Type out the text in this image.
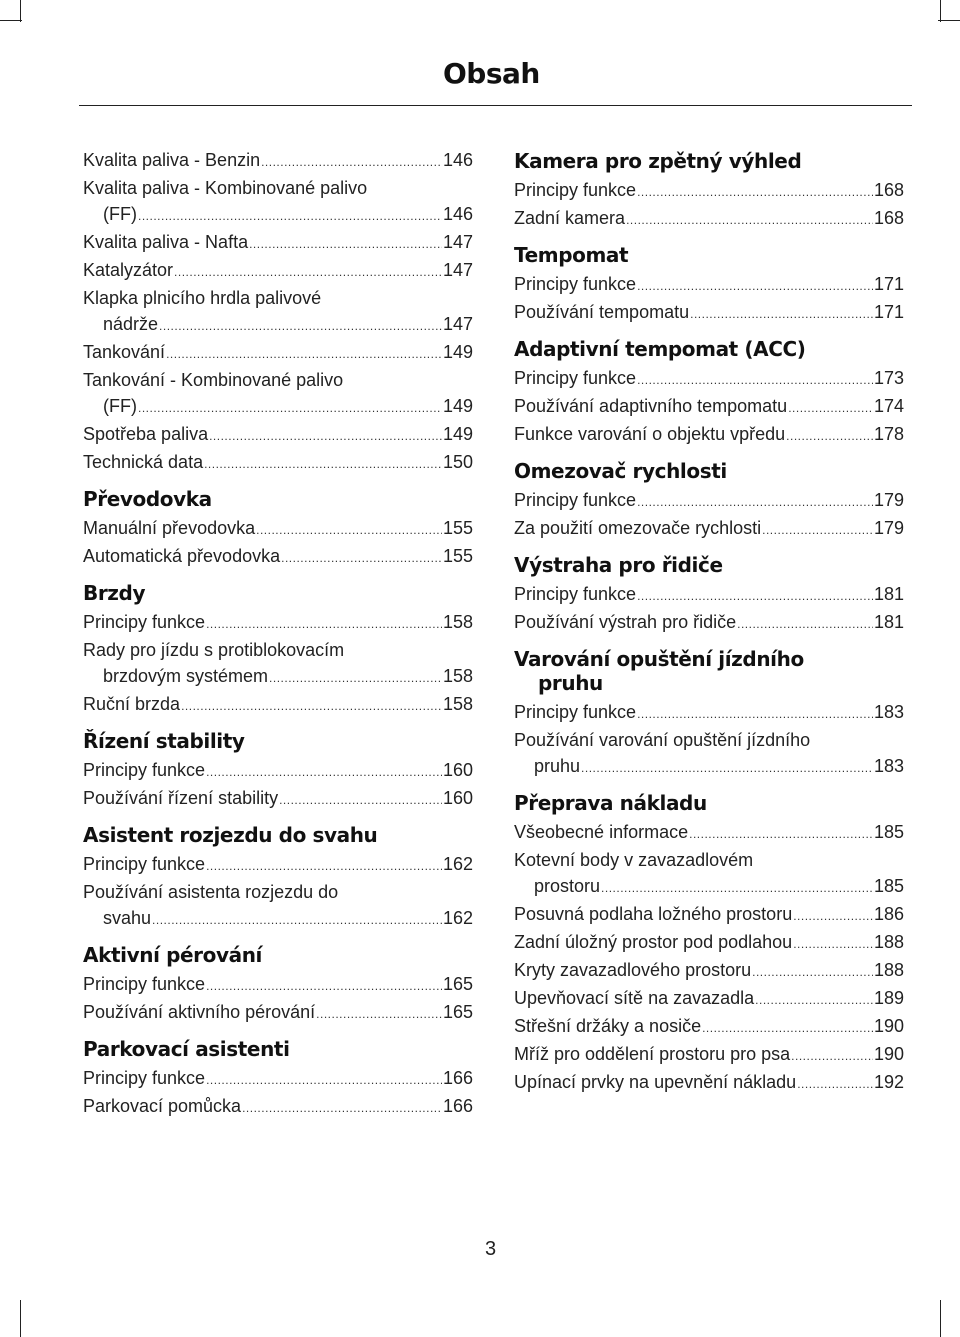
Obsah
Kvalita paliva - Benzin .....	146
Kvalita paliva - Kombinované palivo
(FF) .....	146
Kvalita paliva - Nafta .....	147
Katalyzátor .....	147
Klapka plnicího hrdla palivové
nádrže .....	147
Tankování .....	149
Tankování - Kombinované palivo
(FF) .....	149
Spotřeba paliva .....	149
Technická data .....	150
Převodovka
Manuální převodovka .....	155
Automatická převodovka .....	155
Brzdy
Principy funkce .....	158
Rady pro jízdu s protiblokovacím
brzdovým systémem .....	158
Ruční brzda .....	158
Řízení stability
Principy funkce .....	160
Používání řízení stability .....	160
Asistent rozjezdu do svahu
Principy funkce .....	162
Používání asistenta rozjezdu do
svahu .....	162
Aktivní pérování
Principy funkce .....	165
Používání aktivního pérování .....	165
Parkovací asistenti
Principy funkce .....	166
Parkovací pomůcka .....	166
Kamera pro zpětný výhled
Principy funkce .....	168
Zadní kamera .....	168
Tempomat
Principy funkce .....	171
Používání tempomatu .....	171
Adaptivní tempomat (ACC)
Principy funkce .....	173
Používání adaptivního tempomatu .....	174
Funkce varování o objektu vpředu .....	178
Omezovač rychlosti
Principy funkce .....	179
Za použití omezovače rychlosti .....	179
Výstraha pro řidiče
Principy funkce .....	181
Používání výstrah pro řidiče .....	181
Varování opuštění jízdního
pruhu
Principy funkce .....	183
Používání varování opuštění jízdního
pruhu .....	183
Přeprava nákladu
Všeobecné informace .....	185
Kotevní body v zavazadlovém
prostoru .....	185
Posuvná podlaha ložného prostoru .....	186
Zadní úložný prostor pod podlahou .....	188
Kryty zavazadlového prostoru .....	188
Upevňovací sítě na zavazadla .....	189
Střešní držáky a nosiče .....	190
Mříž pro oddělení prostoru pro psa .....	190
Upínací prvky na upevnění nákladu .....	192
3
